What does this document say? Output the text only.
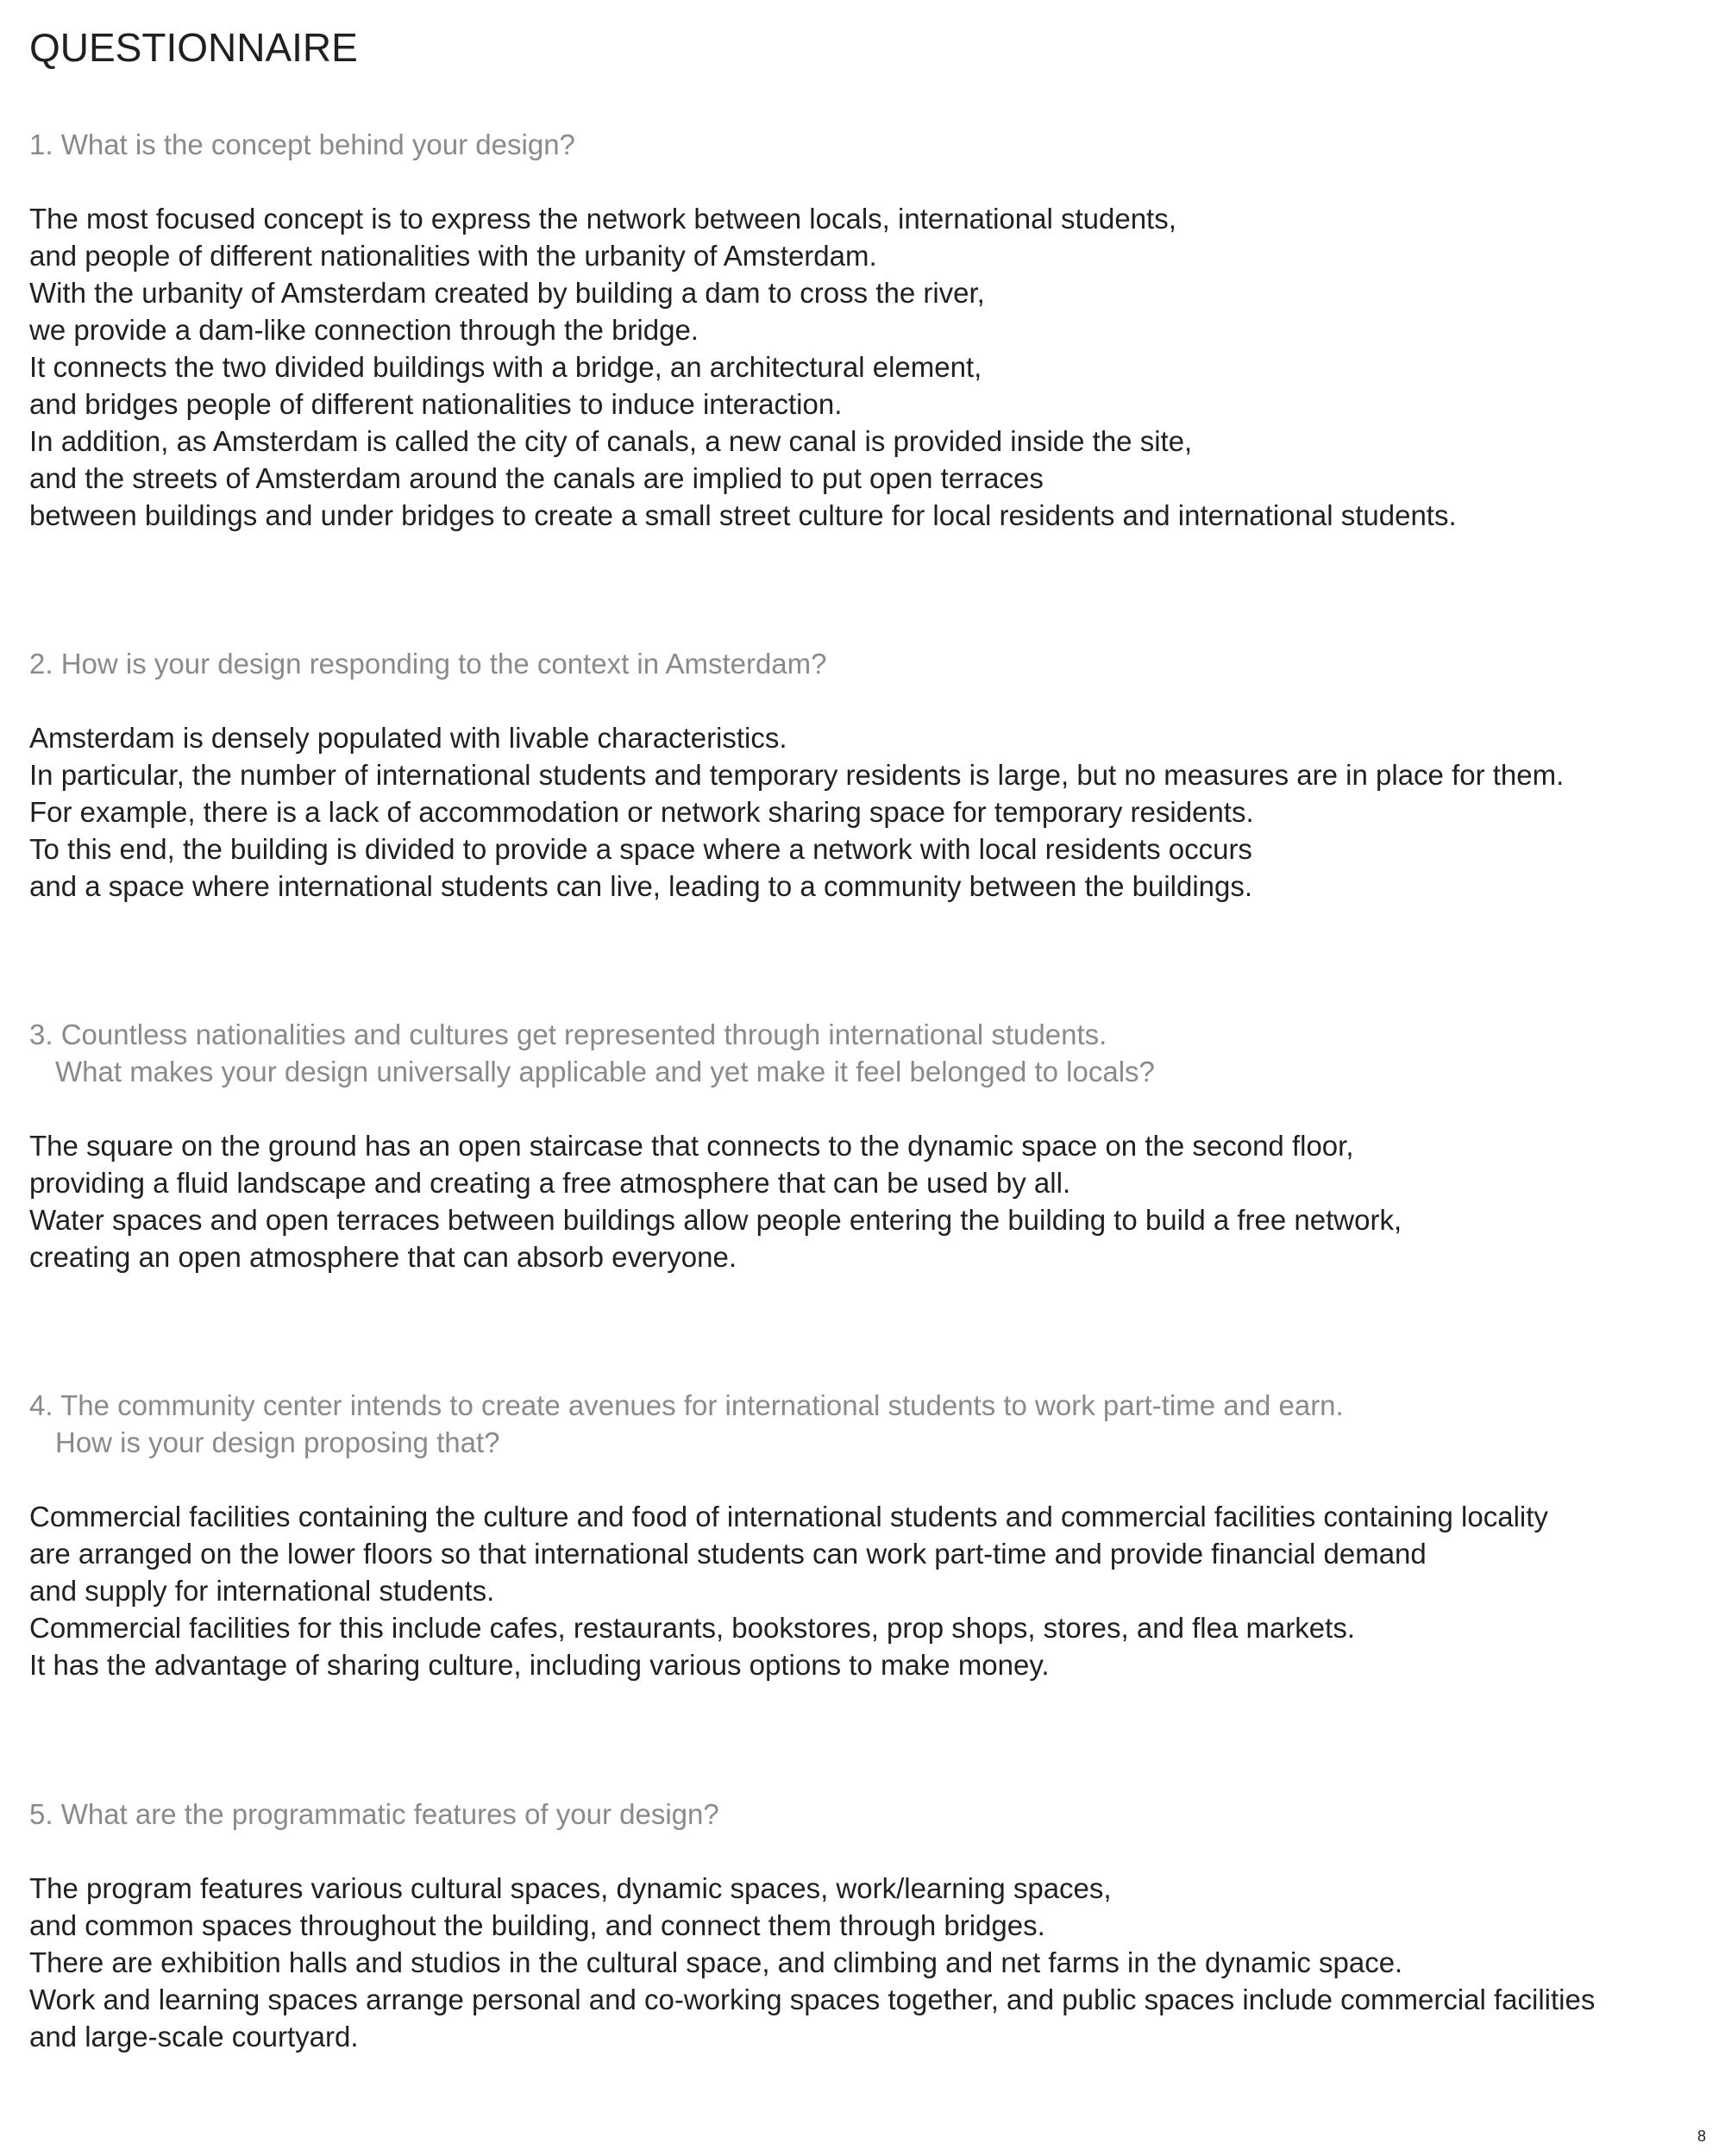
QUESTIONNAIRE

1. What is the concept behind your design?

The most focused concept is to express the network between locals, international students,
and people of different nationalities with the urbanity of Amsterdam.
With the urbanity of Amsterdam created by building a dam to cross the river,
we provide a dam-like connection through the bridge.
It connects the two divided buildings with a bridge, an architectural element,
and bridges people of different nationalities to induce interaction.
In addition, as Amsterdam is called the city of canals, a new canal is provided inside the site,
and the streets of Amsterdam around the canals are implied to put open terraces
between buildings and under bridges to create a small street culture for local residents and international students.

2. How is your design responding to the context in Amsterdam?

Amsterdam is densely populated with livable characteristics.
In particular, the number of international students and temporary residents is large, but no measures are in place for them.
For example, there is a lack of accommodation or network sharing space for temporary residents.
To this end, the building is divided to provide a space where a network with local residents occurs
and a space where international students can live, leading to a community between the buildings.

3. Countless nationalities and cultures get represented through international students.
What makes your design universally applicable and yet make it feel belonged to locals?

The square on the ground has an open staircase that connects to the dynamic space on the second floor,
providing a fluid landscape and creating a free atmosphere that can be used by all.
Water spaces and open terraces between buildings allow people entering the building to build a free network,
creating an open atmosphere that can absorb everyone.

4. The community center intends to create avenues for international students to work part-time and earn.
How is your design proposing that?

Commercial facilities containing the culture and food of international students and commercial facilities containing locality
are arranged on the lower floors so that international students can work part-time and provide financial demand
and supply for international students.
Commercial facilities for this include cafes, restaurants, bookstores, prop shops, stores, and flea markets.
It has the advantage of sharing culture, including various options to make money.

5. What are the programmatic features of your design?

The program features various cultural spaces, dynamic spaces, work/learning spaces,
and common spaces throughout the building, and connect them through bridges.
There are exhibition halls and studios in the cultural space, and climbing and net farms in the dynamic space.
Work and learning spaces arrange personal and co-working spaces together, and public spaces include commercial facilities
and large-scale courtyard.

8
